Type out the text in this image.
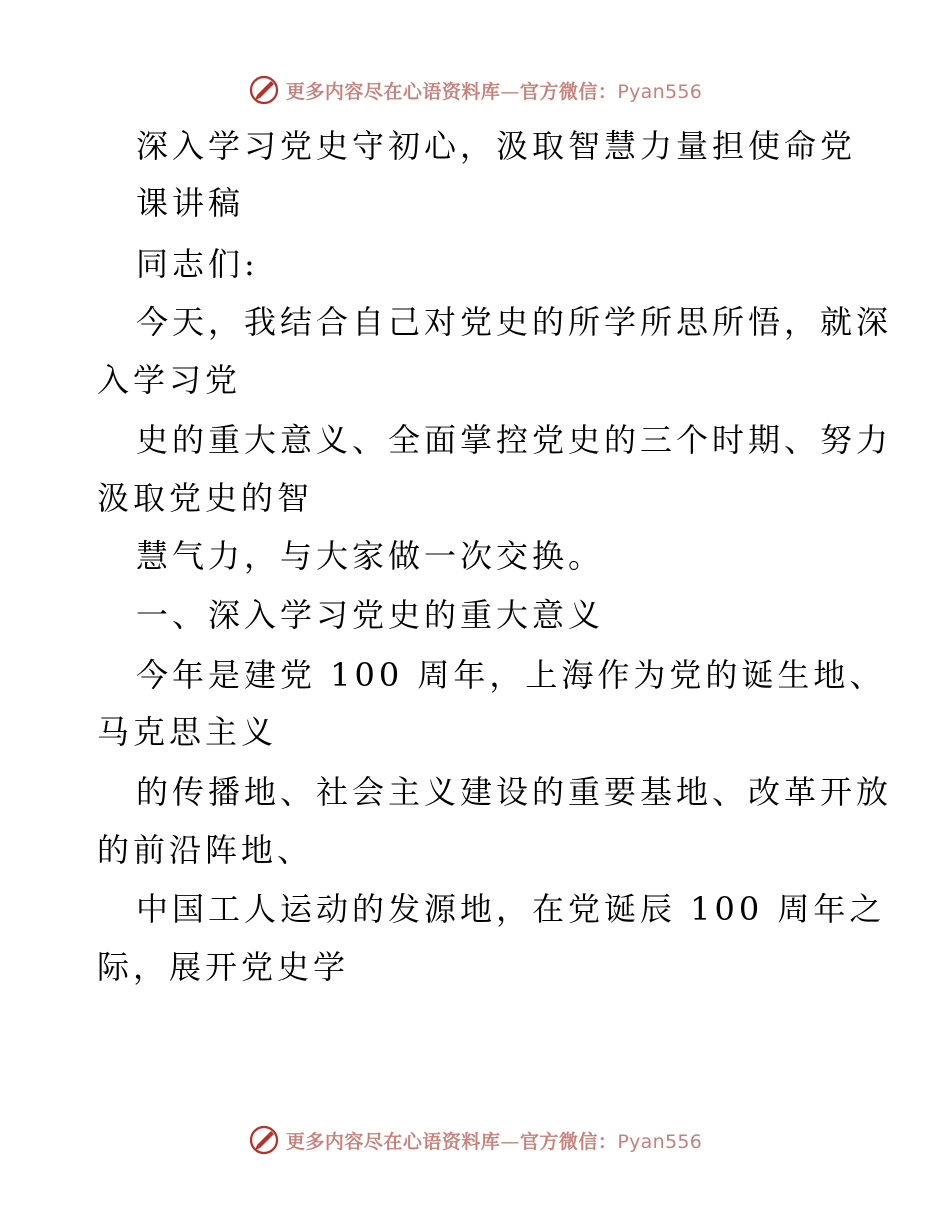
更多内容尽在心语资料库—官方微信：Pyan556
深入学习党史守初心，汲取智慧力量担使命党
课讲稿
同志们:
今天，我结合自己对党史的所学所思所悟，就深
入学习党
史的重大意义、全面掌控党史的三个时期、努力
汲取党史的智
慧气力，与大家做一次交换。
一、深入学习党史的重大意义
今年是建党 100 周年，上海作为党的诞生地、
马克思主义
的传播地、社会主义建设的重要基地、改革开放
的前沿阵地、
中国工人运动的发源地，在党诞辰 100 周年之
际，展开党史学
更多内容尽在心语资料库—官方微信：Pyan556
